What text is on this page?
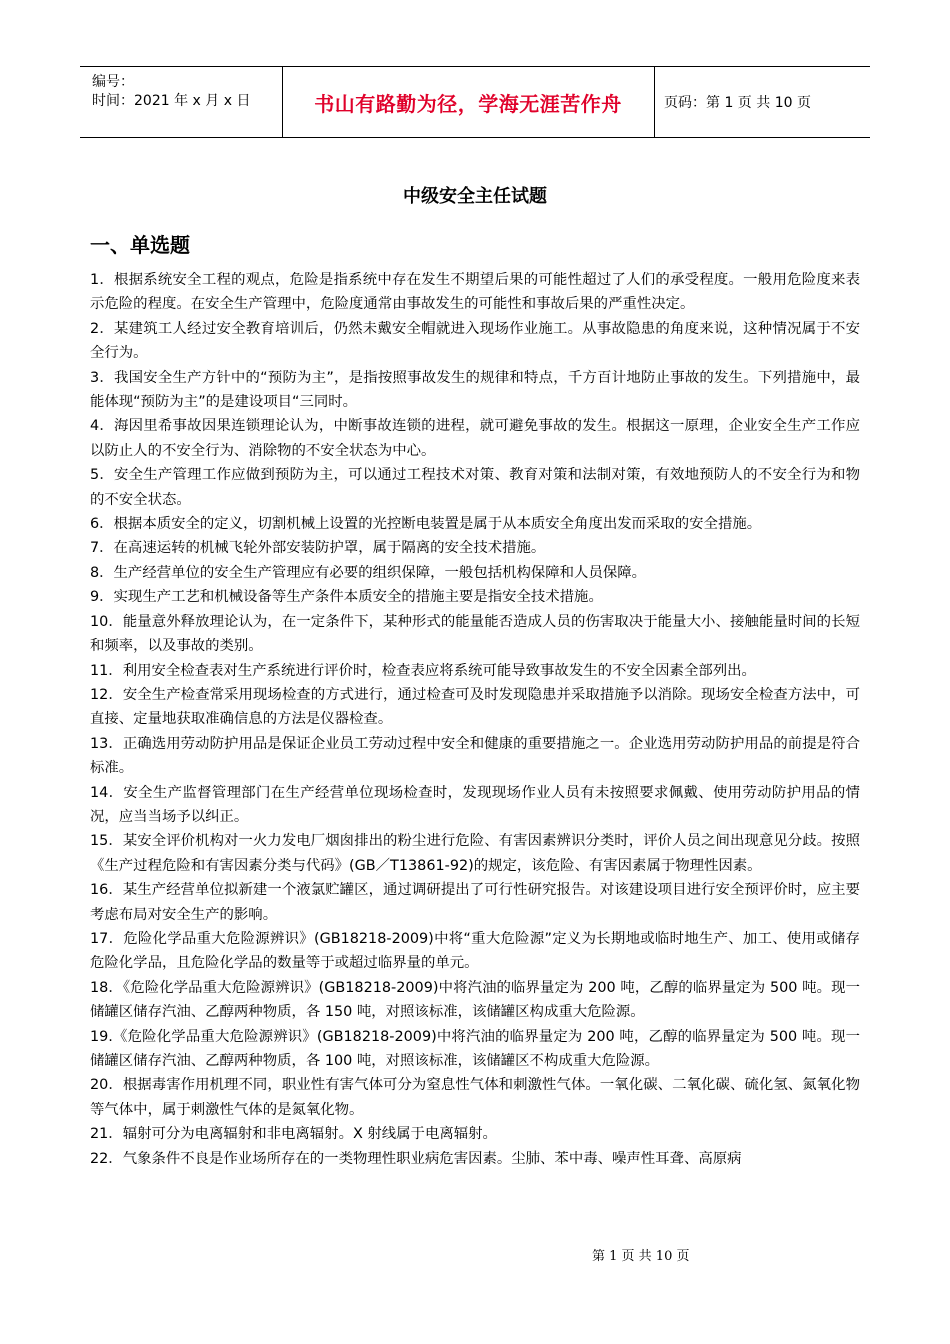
编号：
时间：2021 年 x 月 x 日	书山有路勤为径，学海无涯苦作舟	页码：第 1 页 共 10 页
中级安全主任试题
一、单选题

1．根据系统安全工程的观点，危险是指系统中存在发生不期望后果的可能性超过了人们的承受程度。一般用危险度来表示危险的程度。在安全生产管理中，危险度通常由事故发生的可能性和事故后果的严重性决定。

2．某建筑工人经过安全教育培训后，仍然未戴安全帽就进入现场作业施工。从事故隐患的角度来说，这种情况属于不安全行为。

3．我国安全生产方针中的“预防为主”，是指按照事故发生的规律和特点，千方百计地防止事故的发生。下列措施中，最能体现“预防为主”的是建设项目“三同时。

4．海因里希事故因果连锁理论认为，中断事故连锁的进程，就可避免事故的发生。根据这一原理，企业安全生产工作应以防止人的不安全行为、消除物的不安全状态为中心。

5．安全生产管理工作应做到预防为主，可以通过工程技术对策、教育对策和法制对策，有效地预防人的不安全行为和物的不安全状态。

6．根据本质安全的定义，切割机械上设置的光控断电装置是属于从本质安全角度出发而采取的安全措施。

7．在高速运转的机械飞轮外部安装防护罩，属于隔离的安全技术措施。

8．生产经营单位的安全生产管理应有必要的组织保障，一般包括机构保障和人员保障。

9．实现生产工艺和机械设备等生产条件本质安全的措施主要是指安全技术措施。

10．能量意外释放理论认为，在一定条件下，某种形式的能量能否造成人员的伤害取决于能量大小、接触能量时间的长短和频率，以及事故的类别。

11．利用安全检查表对生产系统进行评价时，检查表应将系统可能导致事故发生的不安全因素全部列出。

12．安全生产检查常采用现场检查的方式进行，通过检查可及时发现隐患并采取措施予以消除。现场安全检查方法中，可直接、定量地获取准确信息的方法是仪器检查。

13．正确选用劳动防护用品是保证企业员工劳动过程中安全和健康的重要措施之一。企业选用劳动防护用品的前提是符合标准。

14．安全生产监督管理部门在生产经营单位现场检查时，发现现场作业人员有未按照要求佩戴、使用劳动防护用品的情况，应当当场予以纠正。

15．某安全评价机构对一火力发电厂烟囱排出的粉尘进行危险、有害因素辨识分类时，评价人员之间出现意见分歧。按照《生产过程危险和有害因素分类与代码》(GB／T13861-92)的规定，该危险、有害因素属于物理性因素。

16．某生产经营单位拟新建一个液氯贮罐区，通过调研提出了可行性研究报告。对该建设项目进行安全预评价时，应主要考虑布局对安全生产的影响。

17．危险化学品重大危险源辨识》(GB18218-2009)中将“重大危险源”定义为长期地或临时地生产、加工、使用或储存危险化学品，且危险化学品的数量等于或超过临界量的单元。

18．《危险化学品重大危险源辨识》(GB18218-2009)中将汽油的临界量定为 200 吨，乙醇的临界量定为 500 吨。现一储罐区储存汽油、乙醇两种物质，各 150 吨，对照该标准，该储罐区构成重大危险源。

19.《危险化学品重大危险源辨识》(GB18218-2009)中将汽油的临界量定为 200 吨，乙醇的临界量定为 500 吨。现一储罐区储存汽油、乙醇两种物质，各 100 吨，对照该标准，该储罐区不构成重大危险源。

20．根据毒害作用机理不同，职业性有害气体可分为窒息性气体和刺激性气体。一氧化碳、二氧化碳、硫化氢、氮氧化物等气体中，属于刺激性气体的是氮氧化物。

21．辐射可分为电离辐射和非电离辐射。X 射线属于电离辐射。

22．气象条件不良是作业场所存在的一类物理性职业病危害因素。尘肺、苯中毒、噪声性耳聋、高原病

第 1 页 共 10 页
